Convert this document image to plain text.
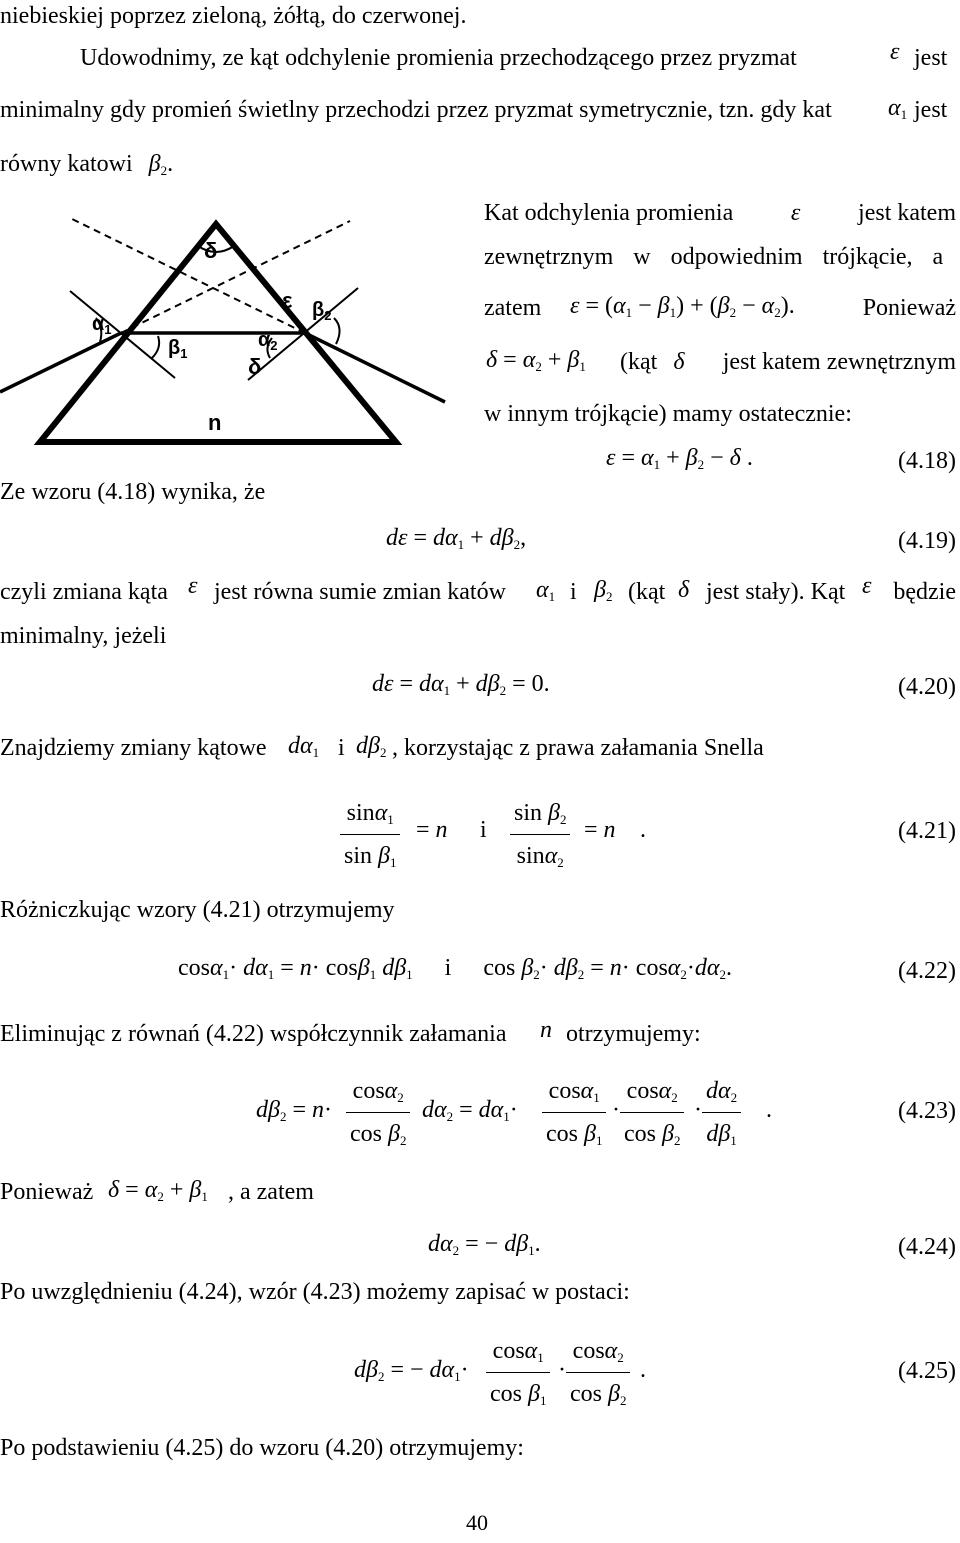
niebieskiej poprzez zieloną, żółtą, do czerwonej.
Udowodnimy, ze kąt odchylenie promienia przechodzącego przez pryzmat	ε jest
minimalny gdy promień świetlny przechodzi przez pryzmat symetrycznie, tzn. gdy kat $\alpha_1$ jest
równy katowi $\beta_2$.
δ
ε
$\alpha_1$
$\beta_1$
$\alpha_2$
δ
$\beta_2$
n
Kat odchylenia promienia ε jest katem
zewnętrznym w odpowiednim trójkącie, a
zatem $\varepsilon = (\alpha_1 - \beta_1) + (\beta_2 - \alpha_2)$.	Ponieważ
$\delta = \alpha_2 + \beta_1$ (kąt δ jest katem zewnętrznym
w innym trójkącie) mamy ostatecznie:
$\varepsilon = \alpha_1 + \beta_2 - \delta$ .	(4.18)
Ze wzoru (4.18) wynika, że
$d\varepsilon = d\alpha_1 + d\beta_2$,	(4.19)
czyli zmiana kąta ε jest równa sumie zmian katów $\alpha_1$ i $\beta_2$ (kąt δ jest stały). Kąt ε będzie
minimalny, jeżeli
$d\varepsilon = d\alpha_1 + d\beta_2 = 0$.	(4.20)
Znajdziemy zmiany kątowe $d\alpha_1$ i $d\beta_2$ , korzystając z prawa załamania Snella
sinα$_1$
$\sin \beta_1$
= n i
$\sin \beta_2$
sinα$_2$
= n .	(4.21)
Różniczkując wzory (4.21) otrzymujemy
$\cos\alpha_1\cdot d\alpha_1 = n\cdot \cos\beta_1$ $d\beta_1$ i $\cos \beta_2\cdot d\beta_2 = n\cdot \cos\alpha_2\cdot d\alpha_2$.	(4.22)
Eliminując z równań (4.22) współczynnik załamania n otrzymujemy:
$d\beta_2 = n\cdot$
cosα$_2$
$\cos \beta_2$
$d\alpha_2 = d\alpha_1\cdot$
cosα$_1$
$\cos \beta_1$
·
cosα$_2$
$\cos \beta_2$
·
$d\alpha_2$
$d\beta_1$
.	(4.23)
Ponieważ $\delta = \alpha_2 + \beta_1$ , a zatem
$d\alpha_2$ = − $d\beta_1$.	(4.24)
Po uwzględnieniu (4.24), wzór (4.23) możemy zapisać w postaci:
$d\beta_2$ = − $d\alpha_1\cdot$
cosα$_1$
$\cos \beta_1$
·
cosα$_2$
$\cos \beta_2$
.	(4.25)
Po podstawieniu (4.25) do wzoru (4.20) otrzymujemy:
40
